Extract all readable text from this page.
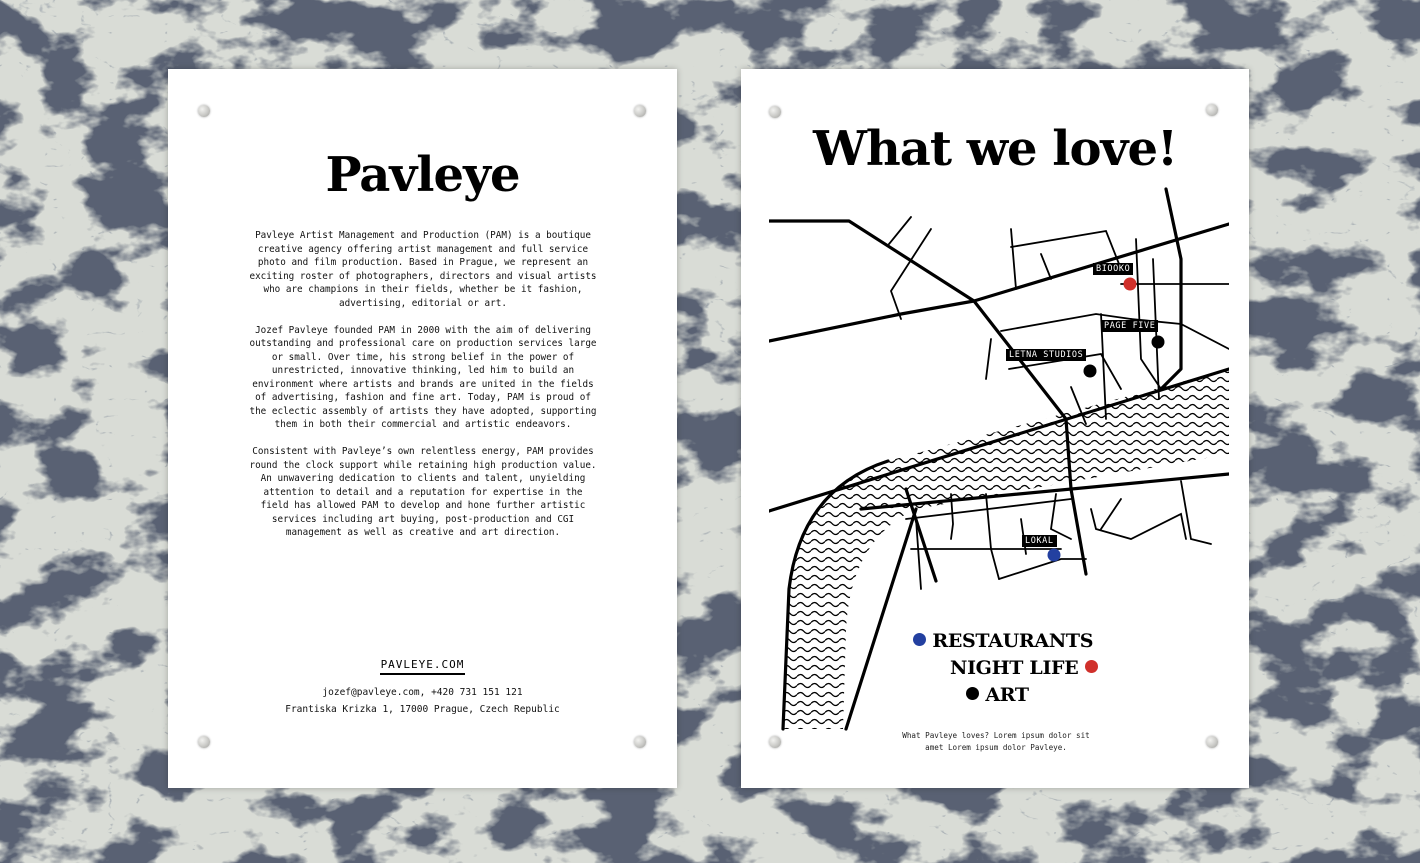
Pavleye

Pavleye Artist Management and Production (PAM) is a boutique creative agency offering artist management and full service photo and film production. Based in Prague, we represent an exciting roster of photographers, directors and visual artists who are champions in their fields, whether be it fashion, advertising, editorial or art.

Jozef Pavleye founded PAM in 2000 with the aim of delivering outstanding and professional care on production services large or small. Over time, his strong belief in the power of unrestricted, innovative thinking, led him to build an environment where artists and brands are united in the fields of advertising, fashion and fine art. Today, PAM is proud of the eclectic assembly of artists they have adopted, supporting them in both their commercial and artistic endeavors.

Consistent with Pavleye’s own relentless energy, PAM provides round the clock support while retaining high production value. An unwavering dedication to clients and talent, unyielding attention to detail and a reputation for expertise in the field has allowed PAM to develop and hone further artistic services including art buying, post-production and CGI management as well as creative and art direction.

PAVLEYE.COM
jozef@pavleye.com, +420 731 151 121
Frantiska Krizka 1, 17000 Prague, Czech Republic
What we love!
BIOOKO
PAGE FIVE
LETNA STUDIOS
LOKAL
RESTAURANTS
NIGHT LIFE
ART
What Pavleye loves? Lorem ipsum dolor sit amet Lorem ipsum dolor Pavleye.
